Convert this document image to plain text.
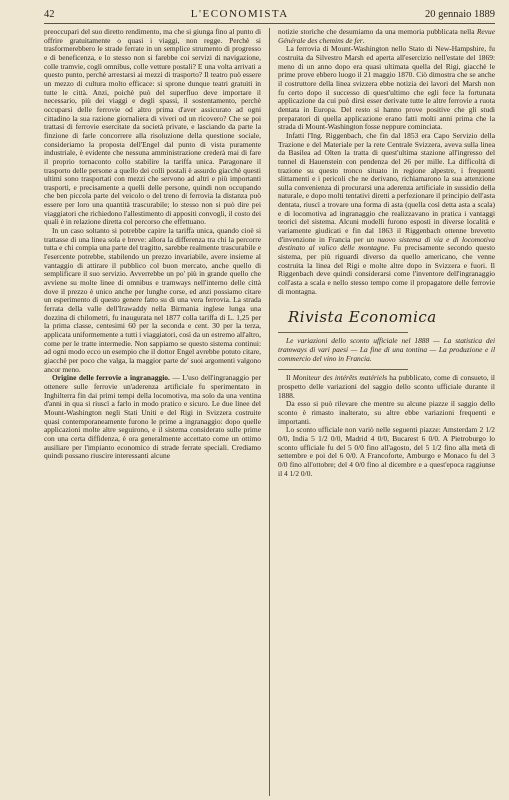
42	L'ECONOMISTA	20 gennaio 1889

preoccupari del suo diretto rendimento, ma che si giunga fino al punto di offrire gratuitamente o quasi i viaggi, non regge. Perchè si trasformerebbero le strade ferrate in un semplice strumento di progresso e di beneficenza, e lo stesso non si farebbe coi servizi di navigazione, colle tramvie, cogli omnibus, colle vetture postali? E una volta arrivati a questo punto, perchè arrestarsi ai mezzi di trasporto? Il teatro può essere un mezzo di cultura molto efficace: si sprone dunque teatri gratuiti in tutte le città. Anzi, poichè può del superfluo deve importare il necessario, più dei viaggi e degli spassi, il sostentamento, perchè occuparsi delle ferrovie od altro prima d'aver assicurato ad ogni cittadino la sua razione giornaliera di viveri od un ricovero? Che se poi trattasi di ferrovie esercitate da società private, e lasciando da parte la finzione di farle concorrere alla risoluzione della questione sociale, consideriamo la proposta dell'Engel dal punto di vista puramente industriale, è evidente che nessuna amministrazione crederà mai di fare il proprio tornaconto collo stabilire la tariffa unica. Paragonare il trasporto delle persone a quello dei colli postali è assurdo giacchè questi ultimi sono trasportati con mezzi che servono ad altri e più importanti trasporti, e precisamente a quelli delle persone, quindi non occupando che ben piccola parte del veicolo o del treno di ferrovia la distanza può essere per loro una quantità trascurabile; lo stesso non si può dire pei viaggiatori che richiedono l'allestimento di appositi convogli, il costo dei quali è in relazione diretta col percorso che effettuano.

In un caso soltanto si potrebbe capire la tariffa unica, quando cioè si trattasse di una linea sola e breve: allora la differenza tra chi la percorre tutta e chi compia una parte del tragitto, sarebbe realmente trascurabile e l'esercente potrebbe, stabilendo un prezzo invariabile, avere insieme al vantaggio di attirare il pubblico col buon mercato, anche quello di semplificare il suo servizio. Avverrebbe un po' più in grande quello che avviene su molte linee di omnibus e tramways nell'interno delle città dove il prezzo è unico anche per lunghe corse, ed anzi possiamo citare un esperimento di questo genere fatto su di una vera ferrovia. La strada ferrata della valle dell'Irawaddy nella Birmania inglese lunga una dozzina di chilometri, fu inaugurata nel 1877 colla tariffa di L. 1,25 per la prima classe, centesimi 60 per la seconda e cent. 30 per la terza, applicata uniformemente a tutti i viaggiatori, così da un estremo all'altro, come per le tratte intermedie. Non sappiamo se questo sistema continui: ad ogni modo ecco un esempio che il dottor Engel avrebbe potuto citare, giacchè per poco che valga, la maggior parte de' suoi argomenti valgono ancor meno.

Origine delle ferrovie a ingranaggio. — L'uso dell'ingranaggio per ottenere sulle ferrovie un'aderenza artificiale fu sperimentato in Inghilterra fin dai primi tempi della locomotiva, ma solo da una ventina d'anni in qua si riuscì a farlo in modo pratico e sicuro. Le due linee del Mount-Washington negli Stati Uniti e del Rigi in Svizzera costruite quasi contemporaneamente furono le prime a ingranaggio: dopo quelle applicazioni molte altre seguirono, e il sistema considerato sulle prime con una certa diffidenza, è ora generalmente accettato come un ottimo ausiliare per l'impianto economico di strade ferrate speciali. Crediamo quindi possano riuscire interessanti alcune

notizie storiche che desumiamo da una memoria pubblicata nella Revue Générale des chemins de fer.

La ferrovia di Mount-Washington nello Stato di New-Hampshire, fu costruita da Silvestro Marsh ed aperta all'esercizio nell'estate del 1869: meno di un anno dopo era quasi ultimata quella del Rigi, giacchè le prime prove ebbero luogo il 21 maggio 1870. Ciò dimostra che se anche il costruttore della linea svizzera ebbe notizia dei lavori del Marsh non fu certo dopo il successo di quest'ultimo che egli fece la fortunata applicazione da cui può dirsi esser derivate tutte le altre ferrovie a ruota dentata in Europa. Del resto si hanno prove positive che gli studi preparatori di quella applicazione erano fatti molti anni prima che la strada di Mount-Washington fosse neppure cominciata.

Infatti l'Ing. Riggenbach, che fin dal 1853 era Capo Servizio della Trazione e del Materiale per la rete Centrale Svizzera, aveva sulla linea da Basilea ad Olten la tratta di quest'ultima stazione all'ingresso del tunnel di Hauenstein con pendenza del 26 per mille. La difficoltà di trazione su questo tronco situato in regione alpestre, i frequenti slittamenti e i pericoli che ne derivano, richiamarono la sua attenzione sulla convenienza di procurarsi una aderenza artificiale in sussidio della naturale, e dopo molti tentativi diretti a perfezionare il principio dell'asta dentata, riuscì a trovare una forma di asta (quella così detta asta a scala) e di locomotiva ad ingranaggio che realizzavano in pratica i vantaggi teorici del sistema. Alcuni modelli furono esposti in diverse località e variamente giudicati e fin dal 1863 il Riggenbach ottenne brevetto d'invenzione in Francia per un nuovo sistema di via e di locomotiva destinato al valico delle montagne. Fu precisamente secondo questo sistema, per più riguardi diverso da quello americano, che venne costruita la linea del Rigi e molte altre dopo in Svizzera e fuori. Il Riggenbach deve quindi considerarsi come l'inventore dell'ingranaggio coll'asta a scala e nello stesso tempo come il propagatore delle ferrovie di montagna.

Rivista Economica

Le variazioni dello sconto ufficiale nel 1888 — La statistica dei tramways di vari paesi — La fine di una tontina — La produzione e il commercio del vino in Francia.

Il Moniteur des intérêts matériels ha pubblicato, come di consueto, il prospetto delle variazioni del saggio dello sconto ufficiale durante il 1888.

Da esso si può rilevare che mentre su alcune piazze il saggio dello sconto è rimasto inalterato, su altre ebbe variazioni frequenti e importanti.

Lo sconto ufficiale non variò nelle seguenti piazze: Amsterdam 2 1/2 0/0, India 5 1/2 0/0, Madrid 4 0/0, Bucarest 6 0/0. A Pietroburgo lo sconto ufficiale fu del 5 0/0 fino all'agosto, del 5 1/2 fino alla metà di settembre e poi del 6 0/0. A Francoforte, Amburgo e Monaco fu del 3 0/0 fino all'ottobre; del 4 0/0 fino al dicembre e a quest'epoca raggiunse il 4 1/2 0/0.
